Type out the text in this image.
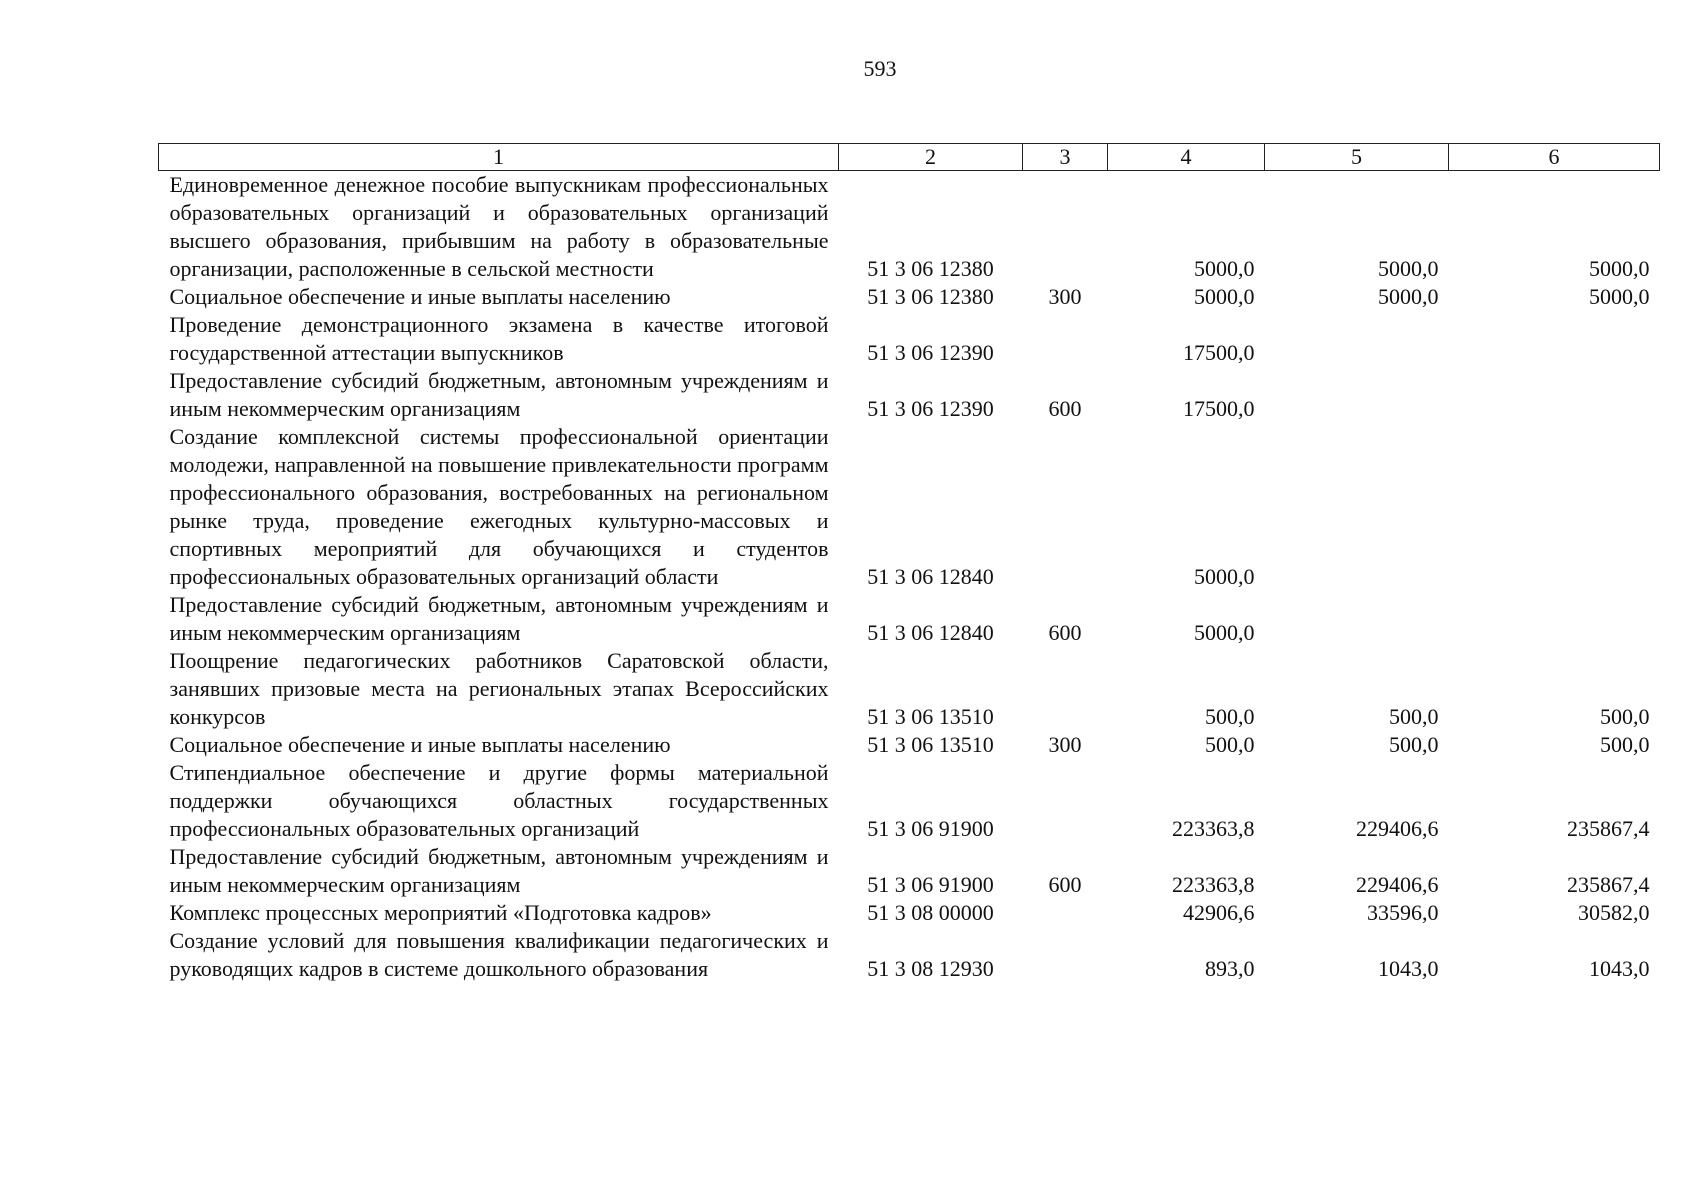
593
1	2	3	4	5	6
Единовременное денежное пособие выпускникам профессиональных образовательных организаций и образовательных организаций высшего образования, прибывшим на работу в образовательные организации, расположенные в сельской местности	51 3 06 12380		5000,0	5000,0	5000,0
Социальное обеспечение и иные выплаты населению	51 3 06 12380	300	5000,0	5000,0	5000,0
Проведение демонстрационного экзамена в качестве итоговой государственной аттестации выпускников	51 3 06 12390		17500,0		
Предоставление субсидий бюджетным, автономным учреждениям и иным некоммерческим организациям	51 3 06 12390	600	17500,0		
Создание комплексной системы профессиональной ориентации молодежи, направленной на повышение привлекательности программ профессионального образования, востребованных на региональном рынке труда, проведение ежегодных культурно-массовых и спортивных мероприятий для обучающихся и студентов профессиональных образовательных организаций области	51 3 06 12840		5000,0		
Предоставление субсидий бюджетным, автономным учреждениям и иным некоммерческим организациям	51 3 06 12840	600	5000,0		
Поощрение педагогических работников Саратовской области, занявших призовые места на региональных этапах Всероссийских конкурсов	51 3 06 13510		500,0	500,0	500,0
Социальное обеспечение и иные выплаты населению	51 3 06 13510	300	500,0	500,0	500,0
Стипендиальное обеспечение и другие формы материальной поддержки обучающихся областных государственных профессиональных образовательных организаций	51 3 06 91900		223363,8	229406,6	235867,4
Предоставление субсидий бюджетным, автономным учреждениям и иным некоммерческим организациям	51 3 06 91900	600	223363,8	229406,6	235867,4
Комплекс процессных мероприятий «Подготовка кадров»	51 3 08 00000		42906,6	33596,0	30582,0
Создание условий для повышения квалификации педагогических и руководящих кадров в системе дошкольного образования	51 3 08 12930		893,0	1043,0	1043,0
